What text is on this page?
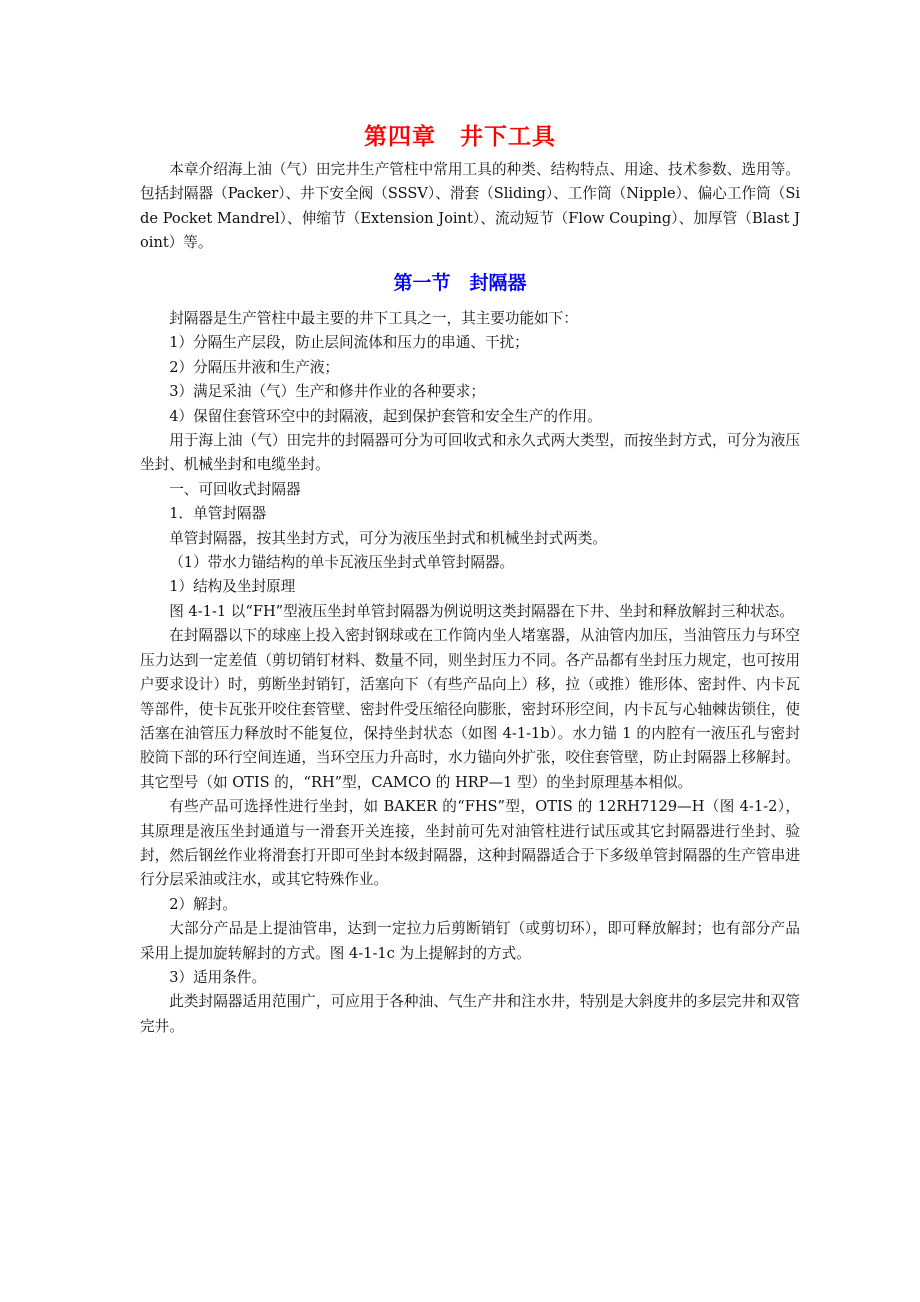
第四章　井下工具

本章介绍海上油（气）田完井生产管柱中常用工具的种类、结构特点、用途、技术参数、选用等。包括封隔器（Packer）、井下安全阀（SSSV）、滑套（Sliding）、工作筒（Nipple）、偏心工作筒（Side Pocket Mandrel）、伸缩节（Extension Joint）、流动短节（Flow Couping）、加厚管（Blast Joint）等。

第一节　封隔器

封隔器是生产管柱中最主要的井下工具之一，其主要功能如下：

1）分隔生产层段，防止层间流体和压力的串通、干扰；

2）分隔压井液和生产液；

3）满足采油（气）生产和修井作业的各种要求；

4）保留住套管环空中的封隔液，起到保护套管和安全生产的作用。

用于海上油（气）田完井的封隔器可分为可回收式和永久式两大类型，而按坐封方式，可分为液压坐封、机械坐封和电缆坐封。

一、可回收式封隔器

1．单管封隔器

单管封隔器，按其坐封方式，可分为液压坐封式和机械坐封式两类。

（1）带水力锚结构的单卡瓦液压坐封式单管封隔器。

1）结构及坐封原理

图 4-1-1 以“FH”型液压坐封单管封隔器为例说明这类封隔器在下井、坐封和释放解封三种状态。

在封隔器以下的球座上投入密封钢球或在工作筒内坐人堵塞器，从油管内加压，当油管压力与环空压力达到一定差值（剪切销钉材料、数量不同，则坐封压力不同。各产品都有坐封压力规定，也可按用户要求设计）时，剪断坐封销钉，活塞向下（有些产品向上）移，拉（或推）锥形体、密封件、内卡瓦等部件，使卡瓦张开咬住套管壁、密封件受压缩径向膨胀，密封环形空间，内卡瓦与心轴棘齿锁住，使活塞在油管压力释放时不能复位，保持坐封状态（如图 4-1-1b）。水力锚 1 的内腔有一液压孔与密封胶筒下部的环行空间连通，当环空压力升高时，水力锚向外扩张，咬住套管壁，防止封隔器上移解封。其它型号（如 OTIS 的，“RH”型，CAMCO 的 HRP—1 型）的坐封原理基本相似。

有些产品可选择性进行坐封，如 BAKER 的“FHS”型，OTIS 的 12RH7129—H（图 4-1-2），其原理是液压坐封通道与一滑套开关连接，坐封前可先对油管柱进行试压或其它封隔器进行坐封、验封，然后钢丝作业将滑套打开即可坐封本级封隔器，这种封隔器适合于下多级单管封隔器的生产管串进行分层采油或注水，或其它特殊作业。

2）解封。

大部分产品是上提油管串，达到一定拉力后剪断销钉（或剪切环），即可释放解封；也有部分产品采用上提加旋转解封的方式。图 4-1-1c 为上提解封的方式。

3）适用条件。

此类封隔器适用范围广，可应用于各种油、气生产井和注水井，特别是大斜度井的多层完井和双管完井。
